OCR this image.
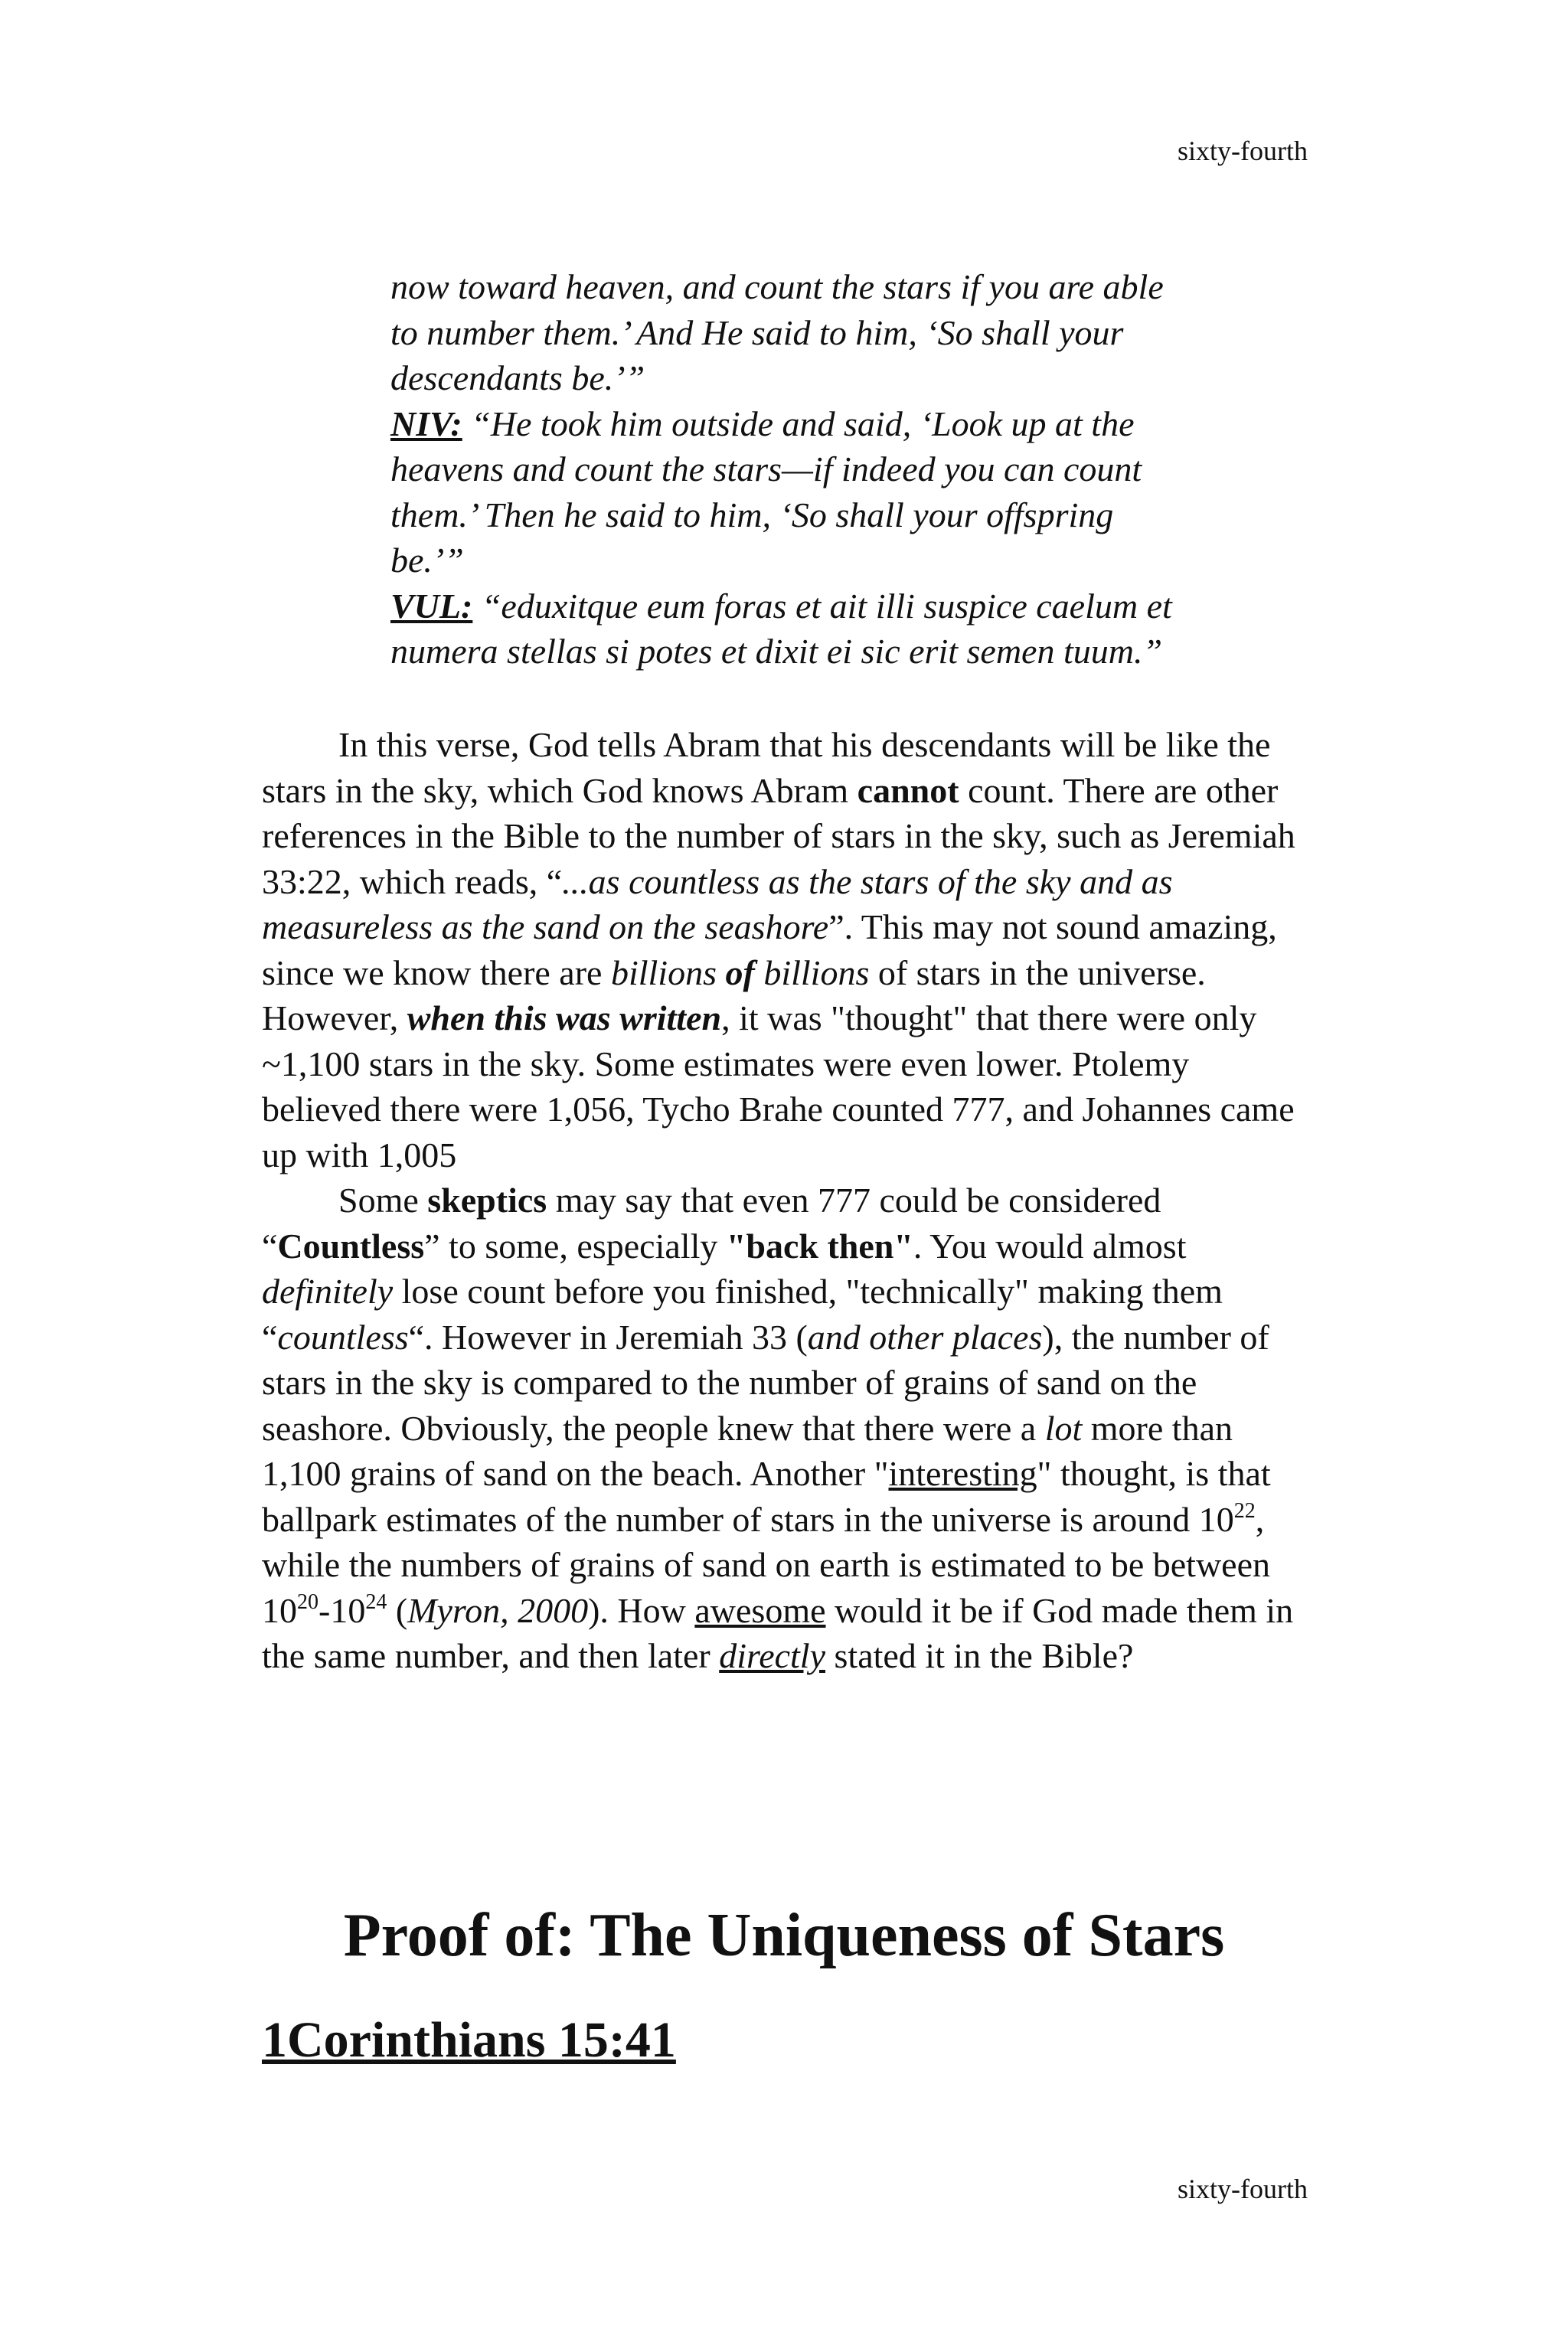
sixty-fourth

now toward heaven, and count the stars if you are able
to number them.’ And He said to him, ‘So shall your
descendants be.’”

NIV: “He took him outside and said, ‘Look up at the
heavens and count the stars—if indeed you can count
them.’ Then he said to him, ‘So shall your offspring
be.’”

VUL: “eduxitque eum foras et ait illi suspice caelum et
numera stellas si potes et dixit ei sic erit semen tuum.”

In this verse, God tells Abram that his descendants will be like the stars in the sky, which God knows Abram cannot count. There are other references in the Bible to the number of stars in the sky, such as Jeremiah 33:22, which reads, “...as countless as the stars of the sky and as measureless as the sand on the seashore”. This may not sound amazing, since we know there are billions of billions of stars in the universe. However, when this was written, it was "thought" that there were only ~1,100 stars in the sky. Some estimates were even lower. Ptolemy believed there were 1,056, Tycho Brahe counted 777, and Johannes came up with 1,005

Some skeptics may say that even 777 could be considered “Countless” to some, especially "back then". You would almost definitely lose count before you finished, "technically" making them “countless“. However in Jeremiah 33 (and other places), the number of stars in the sky is compared to the number of grains of sand on the seashore. Obviously, the people knew that there were a lot more than 1,100 grains of sand on the beach. Another "interesting" thought, is that ballpark estimates of the number of stars in the universe is around $10^{22}$, while the numbers of grains of sand on earth is estimated to be between $10^{20}-10^{24}$ (Myron, 2000). How awesome would it be if God made them in the same number, and then later directly stated it in the Bible?

Proof of: The Uniqueness of Stars
1Corinthians 15:41
sixty-fourth
